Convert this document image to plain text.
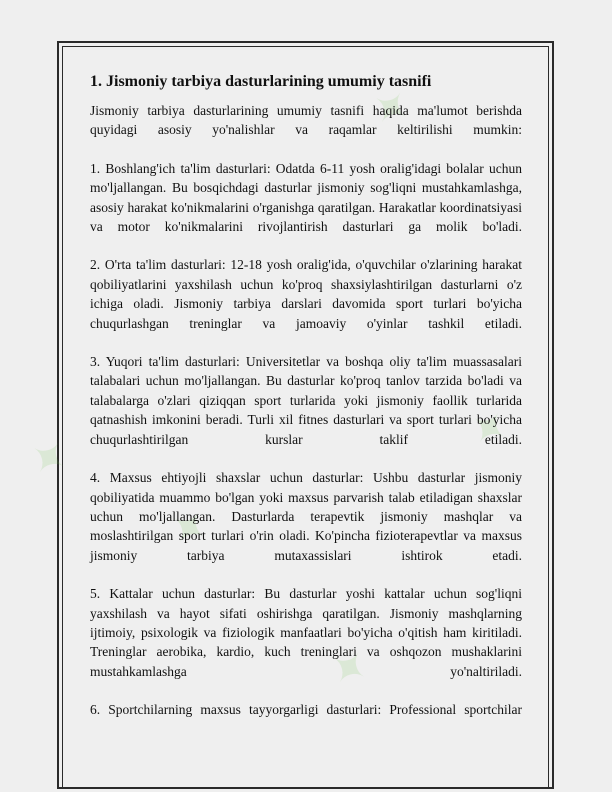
✦
✦
✦
✦
✦
1. Jismoniy tarbiya dasturlarining umumiy tasnifi

Jismoniy tarbiya dasturlarining umumiy tasnifi haqida ma'lumot berishda quyidagi asosiy yo'nalishlar va raqamlar keltirilishi mumkin:

1. Boshlang'ich ta'lim dasturlari: Odatda 6-11 yosh oralig'idagi bolalar uchun mo'ljallangan. Bu bosqichdagi dasturlar jismoniy sog'liqni mustahkamlashga, asosiy harakat ko'nikmalarini o'rganishga qaratilgan. Harakatlar koordinatsiyasi va motor ko'nikmalarini rivojlantirish dasturlari ga molik bo'ladi.

2. O'rta ta'lim dasturlari: 12-18 yosh oralig'ida, o'quvchilar o'zlarining harakat qobiliyatlarini yaxshilash uchun ko'proq shaxsiylashtirilgan dasturlarni o'z ichiga oladi. Jismoniy tarbiya darslari davomida sport turlari bo'yicha chuqurlashgan treninglar va jamoaviy o'yinlar tashkil etiladi.

3. Yuqori ta'lim dasturlari: Universitetlar va boshqa oliy ta'lim muassasalari talabalari uchun mo'ljallangan. Bu dasturlar ko'proq tanlov tarzida bo'ladi va talabalarga o'zlari qiziqqan sport turlarida yoki jismoniy faollik turlarida qatnashish imkonini beradi. Turli xil fitnes dasturlari va sport turlari bo'yicha chuqurlashtirilgan kurslar taklif etiladi.

4. Maxsus ehtiyojli shaxslar uchun dasturlar: Ushbu dasturlar jismoniy qobiliyatida muammo bo'lgan yoki maxsus parvarish talab etiladigan shaxslar uchun mo'ljallangan. Dasturlarda terapevtik jismoniy mashqlar va moslashtirilgan sport turlari o'rin oladi. Ko'pincha fizioterapevtlar va maxsus jismoniy tarbiya mutaxassislari ishtirok etadi.

5. Kattalar uchun dasturlar: Bu dasturlar yoshi kattalar uchun sog'liqni yaxshilash va hayot sifati oshirishga qaratilgan. Jismoniy mashqlarning ijtimoiy, psixologik va fiziologik manfaatlari bo'yicha o'qitish ham kiritiladi. Treninglar aerobika, kardio, kuch treninglari va oshqozon mushaklarini mustahkamlashga yo'naltiriladi.

6. Sportchilarning maxsus tayyorgarligi dasturlari: Professional sportchilar
